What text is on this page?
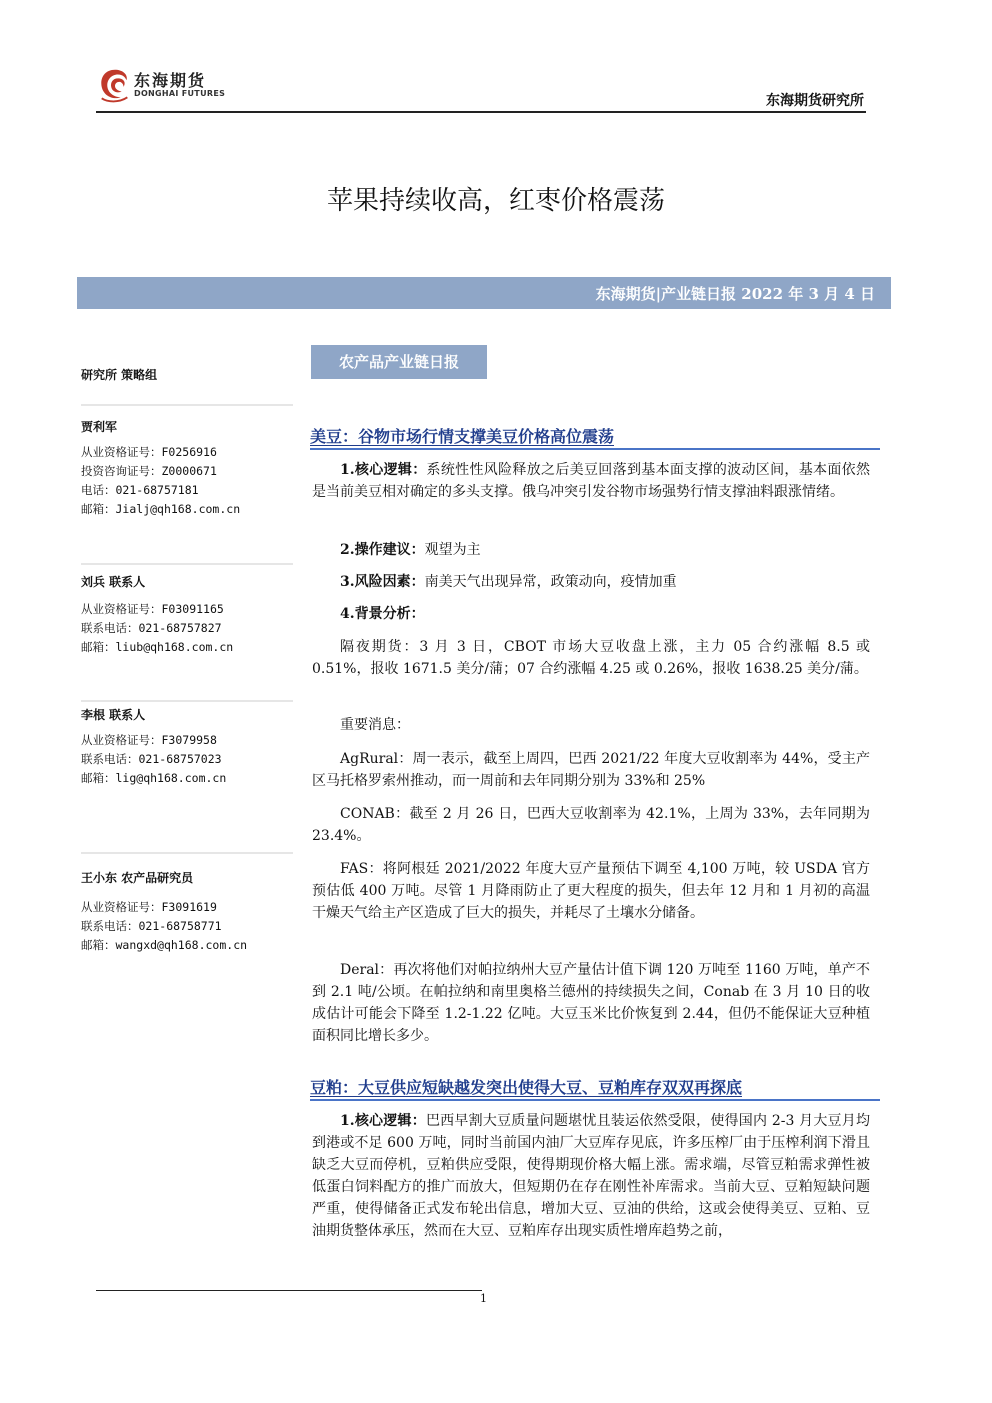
东海期货
DONGHAI FUTURES	东海期货研究所
苹果持续收高，红枣价格震荡
东海期货|产业链日报 2022 年 3 月 4 日
研究所 策略组
贾利军
从业资格证号：F0256916
投资咨询证号：Z0000671
电话：021-68757181
邮箱：Jialj@qh168.com.cn
刘兵 联系人
从业资格证号：F03091165
联系电话：021-68757827
邮箱：liub@qh168.com.cn
李根 联系人
从业资格证号：F3079958
联系电话：021-68757023
邮箱：lig@qh168.com.cn
王小东 农产品研究员
从业资格证号：F3091619
联系电话：021-68758771
邮箱：wangxd@qh168.com.cn
农产品产业链日报
美豆：谷物市场行情支撑美豆价格高位震荡
1.核心逻辑：系统性性风险释放之后美豆回落到基本面支撑的波动区间，基本面依然是当前美豆相对确定的多头支撑。俄乌冲突引发谷物市场强势行情支撑油料跟涨情绪。
2.操作建议：观望为主
3.风险因素：南美天气出现异常，政策动向，疫情加重
4.背景分析：
隔夜期货：3 月 3 日，CBOT 市场大豆收盘上涨，主力 05 合约涨幅 8.5 或 0.51%，报收 1671.5 美分/蒲；07 合约涨幅 4.25 或 0.26%，报收 1638.25 美分/蒲。
重要消息：
AgRural：周一表示，截至上周四，巴西 2021/22 年度大豆收割率为 44%，受主产区马托格罗索州推动，而一周前和去年同期分别为 33%和 25%
CONAB：截至 2 月 26 日，巴西大豆收割率为 42.1%，上周为 33%，去年同期为 23.4%。
FAS：将阿根廷 2021/2022 年度大豆产量预估下调至 4,100 万吨，较 USDA 官方预估低 400 万吨。尽管 1 月降雨防止了更大程度的损失，但去年 12 月和 1 月初的高温干燥天气给主产区造成了巨大的损失，并耗尽了土壤水分储备。
Deral：再次将他们对帕拉纳州大豆产量估计值下调 120 万吨至 1160 万吨，单产不到 2.1 吨/公顷。在帕拉纳和南里奥格兰德州的持续损失之间，Conab 在 3 月 10 日的收成估计可能会下降至 1.2-1.22 亿吨。大豆玉米比价恢复到 2.44，但仍不能保证大豆种植面积同比增长多少。
豆粕：大豆供应短缺越发突出使得大豆、豆粕库存双双再探底
1.核心逻辑：巴西早割大豆质量问题堪忧且装运依然受限，使得国内 2-3 月大豆月均到港或不足 600 万吨，同时当前国内油厂大豆库存见底，许多压榨厂由于压榨利润下滑且缺乏大豆而停机，豆粕供应受限，使得期现价格大幅上涨。需求端，尽管豆粕需求弹性被低蛋白饲料配方的推广而放大，但短期仍在存在刚性补库需求。当前大豆、豆粕短缺问题严重，使得储备正式发布轮出信息，增加大豆、豆油的供给，这或会使得美豆、豆粕、豆油期货整体承压，然而在大豆、豆粕库存出现实质性增库趋势之前，
1
